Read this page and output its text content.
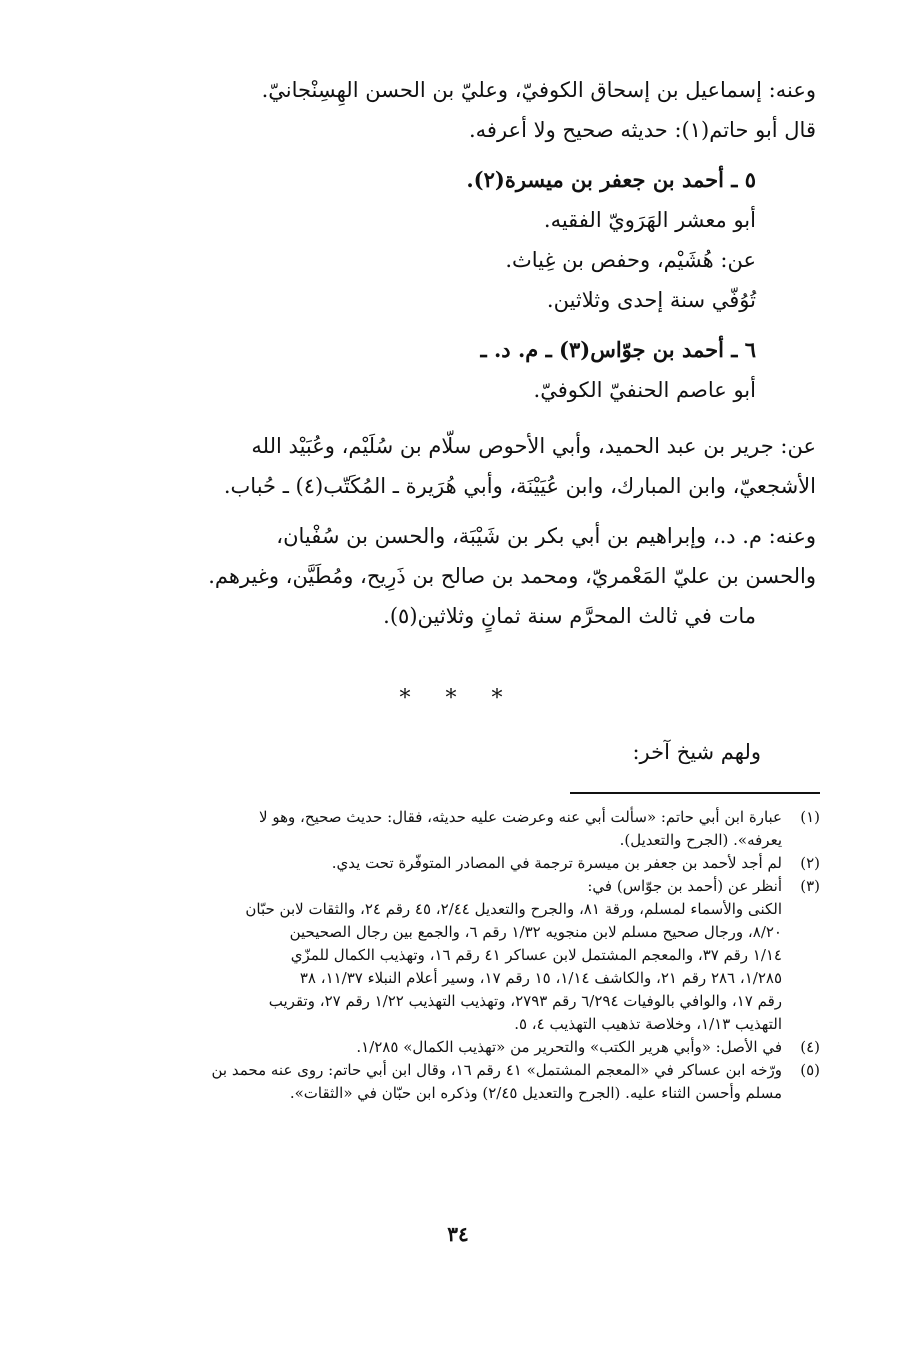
وعنه: إسماعيل بن إسحاق الكوفيّ، وعليّ بن الحسن الهِسِنْجانيّ.
قال أبو حاتم(١): حديثه صحيح ولا أعرفه.
٥ ـ أحمد بن جعفر بن ميسرة(٢).
أبو معشر الهَرَويّ الفقيه.
عن: هُشَيْم، وحفص بن غِياث.
تُوُفّي سنة إحدى وثلاثين.
٦ ـ أحمد بن جوّاس(٣) ـ م. د. ـ
أبو عاصم الحنفيّ الكوفيّ.
عن: جرير بن عبد الحميد، وأبي الأحوص سلّام بن سُلَيْم، وعُبَيْد الله
الأشجعيّ، وابن المبارك، وابن عُيَيْنَة، وأبي هُرَيرة ـ المُكَتّب(٤) ـ حُباب.
وعنه: م. د.، وإبراهيم بن أبي بكر بن شَيْبَة، والحسن بن سُفْيان،
والحسن بن عليّ المَعْمريّ، ومحمد بن صالح بن ذَرِيح، ومُطَيَّن، وغيرهم.
مات في ثالث المحرَّم سنة ثمانٍ وثلاثين(٥).
* * *
ولهم شيخ آخر:
(١)
عبارة ابن أبي حاتم: «سألت أبي عنه وعرضت عليه حديثه، فقال: حديث صحيح، وهو لا
يعرفه». (الجرح والتعديل).
(٢)
لم أجد لأحمد بن جعفر بن ميسرة ترجمة في المصادر المتوفّرة تحت يدي.
(٣)
أنظر عن (أحمد بن جوّاس) في:
الكنى والأسماء لمسلم، ورقة ٨١، والجرح والتعديل ٢/٤٤، ٤٥ رقم ٢٤، والثقات لابن حبّان
٨/٢٠، ورجال صحيح مسلم لابن منجويه ١/٣٢ رقم ٦، والجمع بين رجال الصحيحين
١/١٤ رقم ٣٧، والمعجم المشتمل لابن عساكر ٤١ رقم ١٦، وتهذيب الكمال للمزّي
١/٢٨٥، ٢٨٦ رقم ٢١، والكاشف ١/١٤، ١٥ رقم ١٧، وسير أعلام النبلاء ١١/٣٧، ٣٨
رقم ١٧، والوافي بالوفيات ٦/٢٩٤ رقم ٢٧٩٣، وتهذيب التهذيب ١/٢٢ رقم ٢٧، وتقريب
التهذيب ١/١٣، وخلاصة تذهيب التهذيب ٤، ٥.
(٤)
في الأصل: «وأبي هرير الكتب» والتحرير من «تهذيب الكمال» ١/٢٨٥.
(٥)
ورّخه ابن عساكر في «المعجم المشتمل» ٤١ رقم ١٦، وقال ابن أبي حاتم: روى عنه محمد بن
مسلم وأحسن الثناء عليه. (الجرح والتعديل ٢/٤٥) وذكره ابن حبّان في «الثقات».
٣٤
